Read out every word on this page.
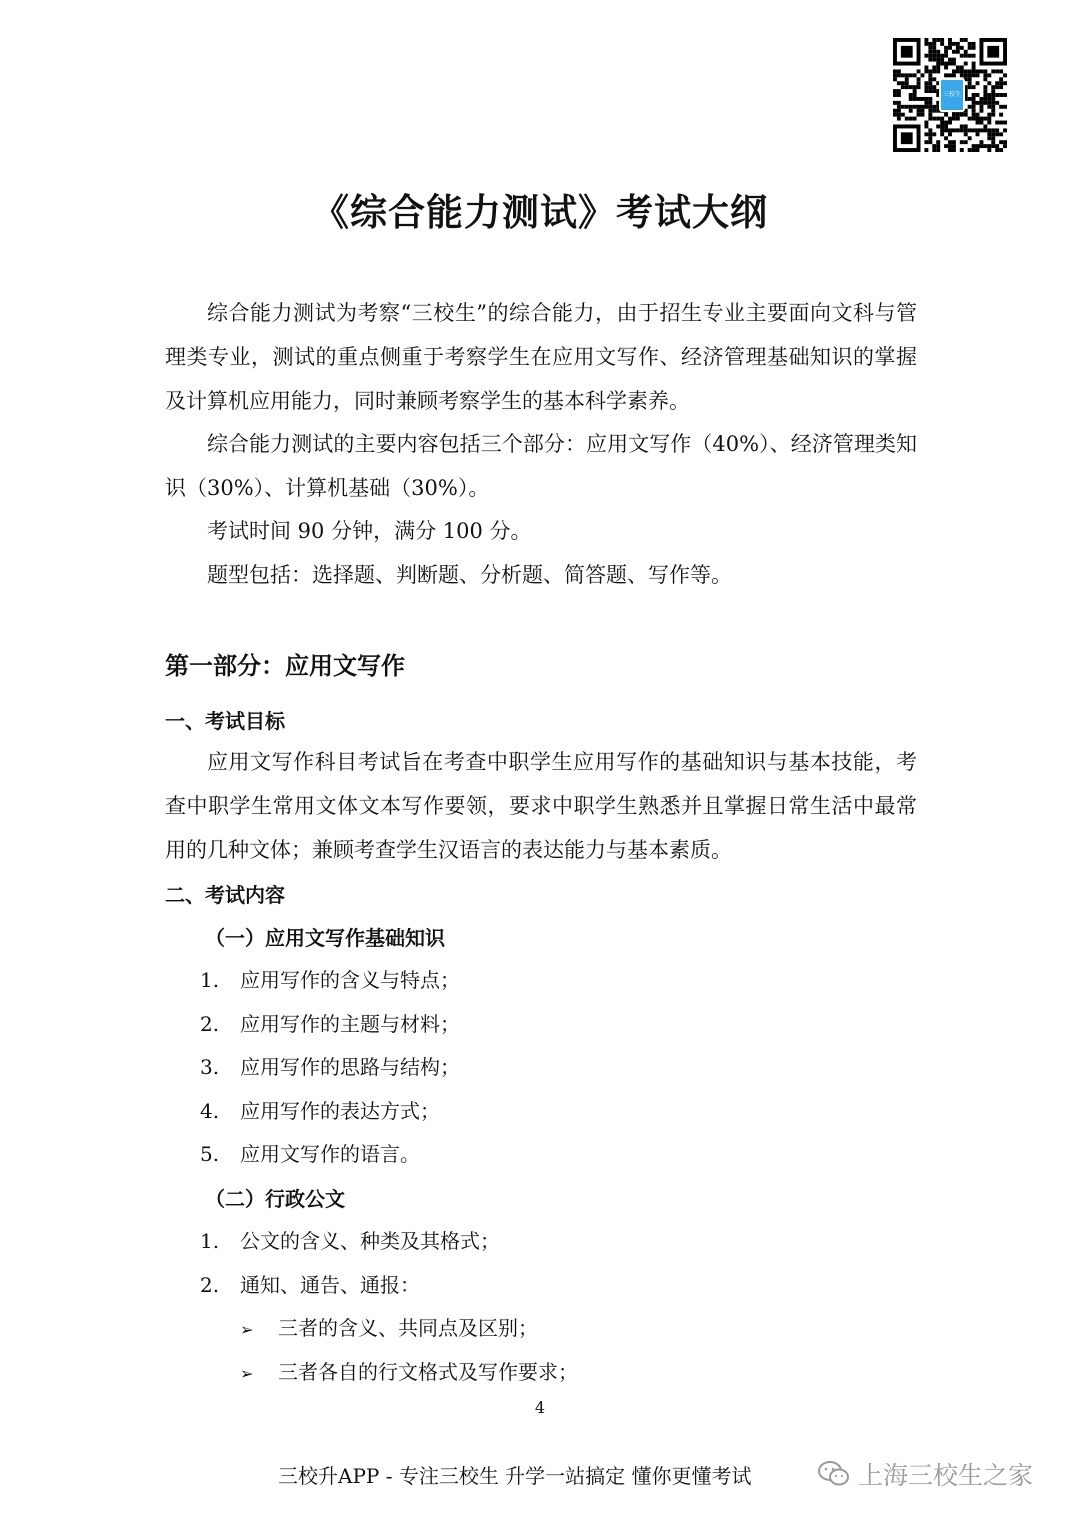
三校生
《综合能力测试》考试大纲

综合能力测试为考察“三校生”的综合能力，由于招生专业主要面向文科与管理类专业，测试的重点侧重于考察学生在应用文写作、经济管理基础知识的掌握及计算机应用能力，同时兼顾考察学生的基本科学素养。

综合能力测试的主要内容包括三个部分：应用文写作（40%）、经济管理类知识（30%）、计算机基础（30%）。

考试时间 90 分钟，满分 100 分。

题型包括：选择题、判断题、分析题、简答题、写作等。

第一部分：应用文写作
一、考试目标

应用文写作科目考试旨在考查中职学生应用写作的基础知识与基本技能，考查中职学生常用文体文本写作要领，要求中职学生熟悉并且掌握日常生活中最常用的几种文体；兼顾考查学生汉语言的表达能力与基本素质。

二、考试内容
（一）应用文写作基础知识

1. 应用写作的含义与特点；

2. 应用写作的主题与材料；

3. 应用写作的思路与结构；

4. 应用写作的表达方式；

5. 应用文写作的语言。

（二）行政公文

1. 公文的含义、种类及其格式；

2. 通知、通告、通报：

➢ 三者的含义、共同点及区别；

➢ 三者各自的行文格式及写作要求；

4

三校升APP - 专注三校生 升学一站搞定 懂你更懂考试	上海三校生之家
